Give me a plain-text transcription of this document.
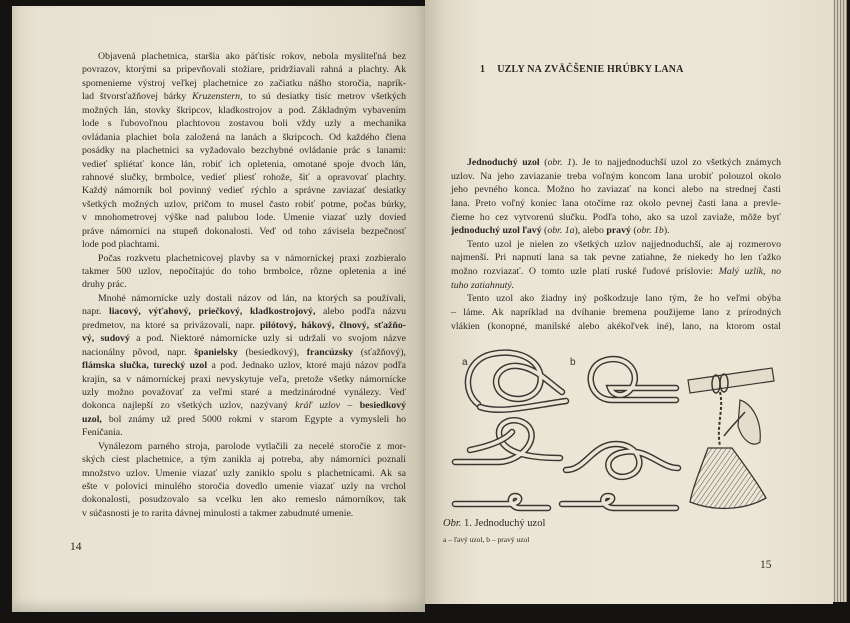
Objavená plachetnica, staršia ako päťtisíc rokov, nebola mysliteľná bez
povrazov, ktorými sa pripevňovali stožiare, pridržiavali rahná a plachty. Ak
spomenieme výstroj veľkej plachetnice zo začiatku nášho storočia, naprík-
lad štvorsťažňovej bárky Kruzenstern, to sú desiatky tisíc metrov všetkých
možných lán, stovky škripcov, kladkostrojov a pod. Základným vybavením
lode s ľubovoľnou plachtovou zostavou boli vždy uzly a mechanika
ovládania plachiet bola založená na lanách a škripcoch. Od každého člena
posádky na plachetnici sa vyžadovalo bezchybné ovládanie prác s lanami:
vedieť spliétať konce lán, robiť ich opletenia, omotané spoje dvoch lán,
rahnové slučky, brmbolce, vedieť pliesť rohože, šiť a opravovať plachty.
Každý námorník bol povinný vedieť rýchlo a správne zaviazať desiatky
všetkých možných uzlov, pričom to musel často robiť potme, počas búrky,
v mnohometrovej výške nad palubou lode. Umenie viazať uzly dovied
práve námorníci na stupeň dokonalosti. Veď od toho závisela bezpečnosť
lode pod plachtami.
Počas rozkvetu plachetnicovej plavby sa v námorníckej praxi zozbieralo
takmer 500 uzlov, nepočítajúc do toho brmbolce, rôzne opletenia a iné
druhy prác.
Mnohé námornícke uzly dostali názov od lán, na ktorých sa používali,
napr. liacový, výťahový, priečkový, kladkostrojový, alebo podľa názvu
predmetov, na ktoré sa priväzovali, napr. pilótový, hákový, člnový, sťažňo-
vý, sudový a pod. Niektoré námornícke uzly si udržali vo svojom názve
nacionálny pôvod, napr. španielsky (besiedkový), francúzsky (sťažňový),
flámska slučka, turecký uzol a pod. Jednako uzlov, ktoré majú názov podľa
krajín, sa v námorníckej praxi nevyskytuje veľa, pretože všetky námornícke
uzly možno považovať za veľmi staré a medzinárodné vynálezy. Veď
dokonca najlepší zo všetkých uzlov, nazývaný kráľ uzlov – besiedkový
uzol, bol známy už pred 5000 rokmi v starom Egypte a vymysleli ho
Feničania.
Vynálezom parného stroja, parolode vytlačili za necelé storočie z mor-
ských ciest plachetnice, a tým zanikla aj potreba, aby námorníci poznali
množstvo uzlov. Umenie viazať uzly zaniklo spolu s plachetnicami. Ak sa
ešte v polovici minulého storočia dovedlo umenie viazať uzly na vrchol
dokonalosti, posudzovalo sa vcelku len ako remeslo námorníkov, tak
v súčasnosti je to rarita dávnej minulosti a takmer zabudnuté umenie.
14
1 UZLY NA ZVÄČŠENIE HRÚBKY LANA
Jednoduchý uzol (obr. 1). Je to najjednoduchší uzol zo všetkých známych
uzlov. Na jeho zaviazanie treba voľným koncom lana urobiť polouzol okolo
jeho pevného konca. Možno ho zaviazať na konci alebo na strednej časti
lana. Preto voľný koniec lana otočíme raz okolo pevnej časti lana a prevle-
čieme ho cez vytvorenú slučku. Podľa toho, ako sa uzol zaviaže, môže byť
jednoduchý uzol ľavý (obr. 1a), alebo pravý (obr. 1b).
Tento uzol je nielen zo všetkých uzlov najjednoduchší, ale aj rozmerovo
najmenší. Pri napnutí lana sa tak pevne zatiahne, že niekedy ho len ťažko
možno rozviazať. O tomto uzle platí ruské ľudové príslovie: Malý uzlík, no
tuho zatiahnutý.
Tento uzol ako žiadny iný poškodzuje lano tým, že ho veľmi obýba
– láme. Ak napríklad na dvíhanie bremena použijeme lano z prírodných
vlákien (konopné, manilské alebo akékoľvek iné), lano, na ktorom ostal
a	b
Obr. 1. Jednoduchý uzol
a – ľavý uzol, b – pravý uzol
15
